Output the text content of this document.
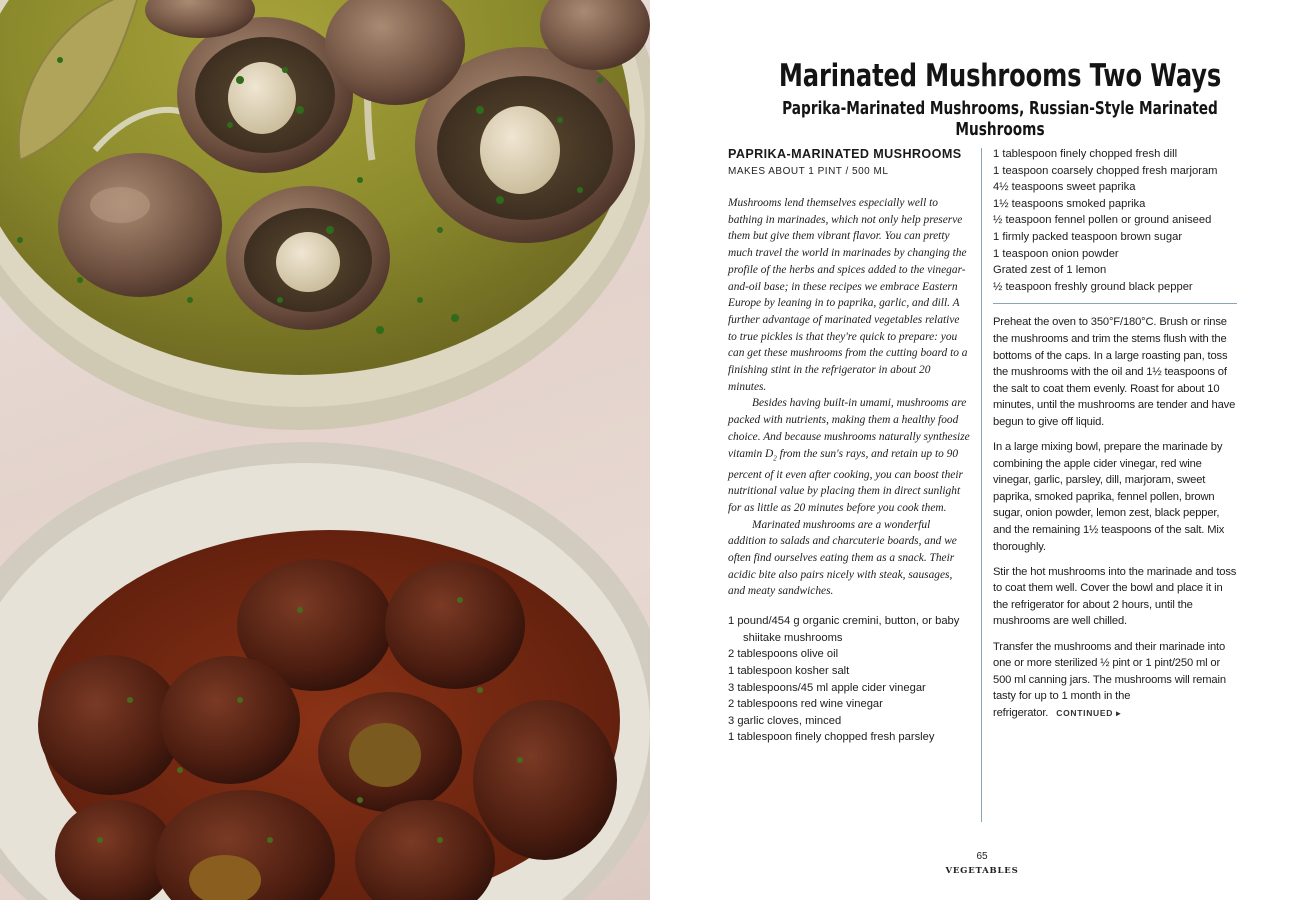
Marinated Mushrooms Two Ways
Paprika-Marinated Mushrooms, Russian-Style Marinated Mushrooms
PAPRIKA-MARINATED MUSHROOMS
MAKES ABOUT 1 PINT / 500 ML

Mushrooms lend themselves especially well to bathing in marinades, which not only help preserve them but give them vibrant flavor. You can pretty much travel the world in marinades by changing the profile of the herbs and spices added to the vinegar-and-oil base; in these recipes we embrace Eastern Europe by leaning in to paprika, garlic, and dill. A further advantage of marinated vegetables relative to true pickles is that they're quick to prepare: you can get these mushrooms from the cutting board to a finishing stint in the refrigerator in about 20 minutes.

Besides having built-in umami, mushrooms are packed with nutrients, making them a healthy food choice. And because mushrooms naturally synthesize vitamin $D_2$ from the sun's rays, and retain up to 90 percent of it even after cooking, you can boost their nutritional value by placing them in direct sunlight for as little as 20 minutes before you cook them.

Marinated mushrooms are a wonderful addition to salads and charcuterie boards, and we often find ourselves eating them as a snack. Their acidic bite also pairs nicely with steak, sausages, and meaty sandwiches.

1 pound/454 g organic cremini, button, or baby shiitake mushrooms
2 tablespoons olive oil
1 tablespoon kosher salt
3 tablespoons/45 ml apple cider vinegar
2 tablespoons red wine vinegar
3 garlic cloves, minced
1 tablespoon finely chopped fresh parsley
1 tablespoon finely chopped fresh dill
1 teaspoon coarsely chopped fresh marjoram
4½ teaspoons sweet paprika
1½ teaspoons smoked paprika
½ teaspoon fennel pollen or ground aniseed
1 firmly packed teaspoon brown sugar
1 teaspoon onion powder
Grated zest of 1 lemon
½ teaspoon freshly ground black pepper

Preheat the oven to 350°F/180°C. Brush or rinse the mushrooms and trim the stems flush with the bottoms of the caps. In a large roasting pan, toss the mushrooms with the oil and 1½ teaspoons of the salt to coat them evenly. Roast for about 10 minutes, until the mushrooms are tender and have begun to give off liquid.

In a large mixing bowl, prepare the marinade by combining the apple cider vinegar, red wine vinegar, garlic, parsley, dill, marjoram, sweet paprika, smoked paprika, fennel pollen, brown sugar, onion powder, lemon zest, black pepper, and the remaining 1½ teaspoons of the salt. Mix thoroughly.

Stir the hot mushrooms into the marinade and toss to coat them well. Cover the bowl and place it in the refrigerator for about 2 hours, until the mushrooms are well chilled.

Transfer the mushrooms and their marinade into one or more sterilized ½ pint or 1 pint/250 ml or 500 ml canning jars. The mushrooms will remain tasty for up to 1 month in the refrigerator. CONTINUED ▸

65
VEGETABLES
